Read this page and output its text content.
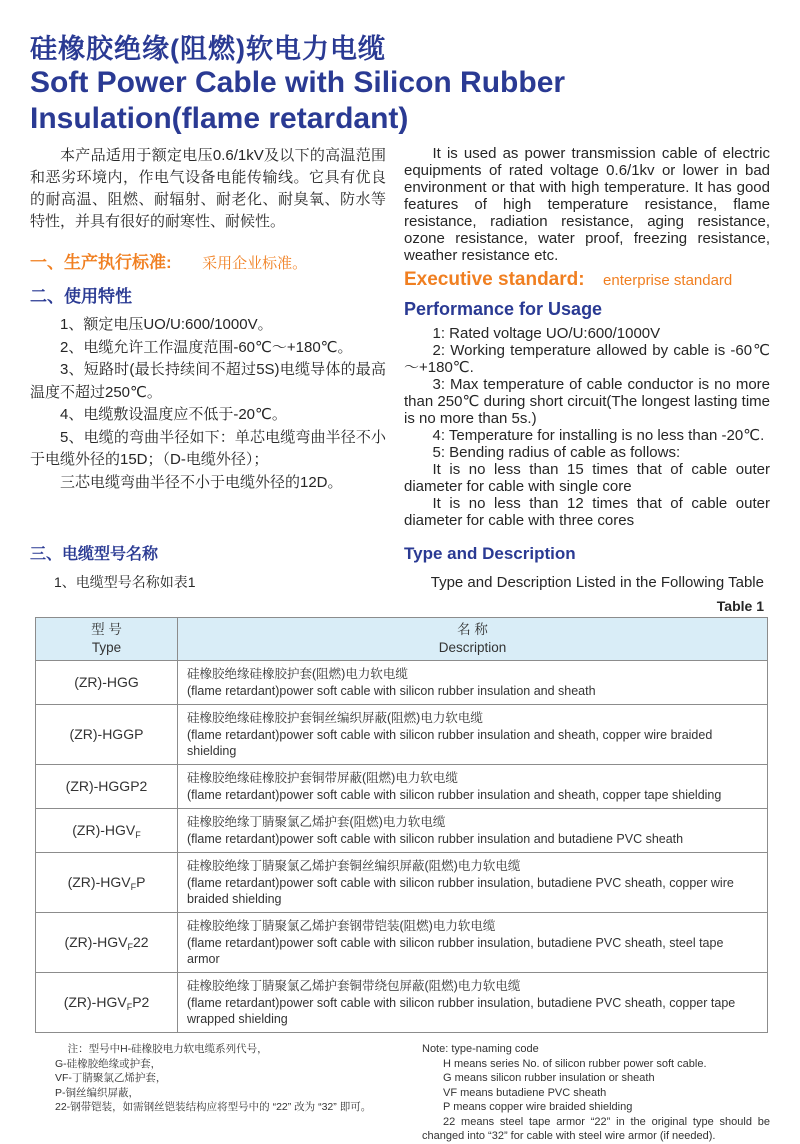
硅橡胶绝缘(阻燃)软电力电缆
Soft Power Cable with Silicon Rubber
Insulation(flame retardant)

本产品适用于额定电压0.6/1kV及以下的高温范围和恶劣环境内，作电气设备电能传输线。它具有优良的耐高温、阻燃、耐辐射、耐老化、耐臭氧、防水等特性，并具有很好的耐寒性、耐候性。

一、生产执行标准: 采用企业标准。
二、使用特性

1、额定电压UO/U:600/1000V。

2、电缆允许工作温度范围-60℃～+180℃。

3、短路时(最长持续间不超过5S)电缆导体的最高温度不超过250℃。

4、电缆敷设温度应不低于-20℃。

5、电缆的弯曲半径如下：单芯电缆弯曲半径不小于电缆外径的15D；（D-电缆外径）；

三芯电缆弯曲半径不小于电缆外径的12D。

It is used as power transmission cable of electric equipments of rated voltage 0.6/1kv or lower in bad environment or that with high temperature. It has good features of high temperature resistance, flame resistance, radiation resistance, aging resistance, ozone resistance, water proof, freezing resistance, weather resistance etc.

Executive standard: enterprise standard
Performance for Usage

1: Rated voltage UO/U:600/1000V

2: Working temperature allowed by cable is -60℃～+180℃.

3: Max temperature of cable conductor is no more than 250℃ during short circuit(The longest lasting time is no more than 5s.)

4: Temperature for installing is no less than -20℃.

5: Bending radius of cable as follows:

It is no less than 15 times that of cable outer diameter for cable with single core

It is no less than 12 times that of cable outer diameter for cable with three cores

三、电缆型号名称	Type and Description
1、电缆型号名称如表1	Type and Description Listed in the Following Table
Table 1
型 号
Type

名 称
Description

(ZR)-HGG	硅橡胶绝缘硅橡胶护套(阻燃)电力软电缆

(flame retardant)power soft cable with silicon rubber insulation and sheath

(ZR)-HGGP	硅橡胶绝缘硅橡胶护套铜丝编织屏蔽(阻燃)电力软电缆

(flame retardant)power soft cable with silicon rubber insulation and sheath, copper wire braided shielding

(ZR)-HGGP2	硅橡胶绝缘硅橡胶护套铜带屏蔽(阻燃)电力软电缆

(flame retardant)power soft cable with silicon rubber insulation and sheath, copper tape shielding

$(ZR)-HGV_F$	硅橡胶绝缘丁腈聚氯乙烯护套(阻燃)电力软电缆

(flame retardant)power soft cable with silicon rubber insulation and butadiene PVC sheath

$(ZR)-HGV_FP$	硅橡胶绝缘丁腈聚氯乙烯护套铜丝编织屏蔽(阻燃)电力软电缆

(flame retardant)power soft cable with silicon rubber insulation, butadiene PVC sheath, copper wire braided shielding

$(ZR)-HGV_F22$	硅橡胶绝缘丁腈聚氯乙烯护套钢带铠装(阻燃)电力软电缆

(flame retardant)power soft cable with silicon rubber insulation, butadiene PVC sheath, steel tape armor

$(ZR)-HGV_FP2$	硅橡胶绝缘丁腈聚氯乙烯护套铜带绕包屏蔽(阻燃)电力软电缆

(flame retardant)power soft cable with silicon rubber insulation, butadiene PVC sheath, copper tape wrapped shielding

注：型号中H-硅橡胶电力软电缆系列代号，

G-硅橡胶绝缘或护套，

VF-丁腈聚氯乙烯护套，

P-铜丝编织屏蔽，

22-钢带铠装，如需钢丝铠装结构应将型号中的 “22” 改为 “32” 即可。

Note: type-naming code

H means series No. of silicon rubber power soft cable.

G means silicon rubber insulation or sheath

VF means butadiene PVC sheath

P means copper wire braided shielding

22 means steel tape armor “22” in the original type should be changed into “32” for cable with steel wire armor (if needed).
